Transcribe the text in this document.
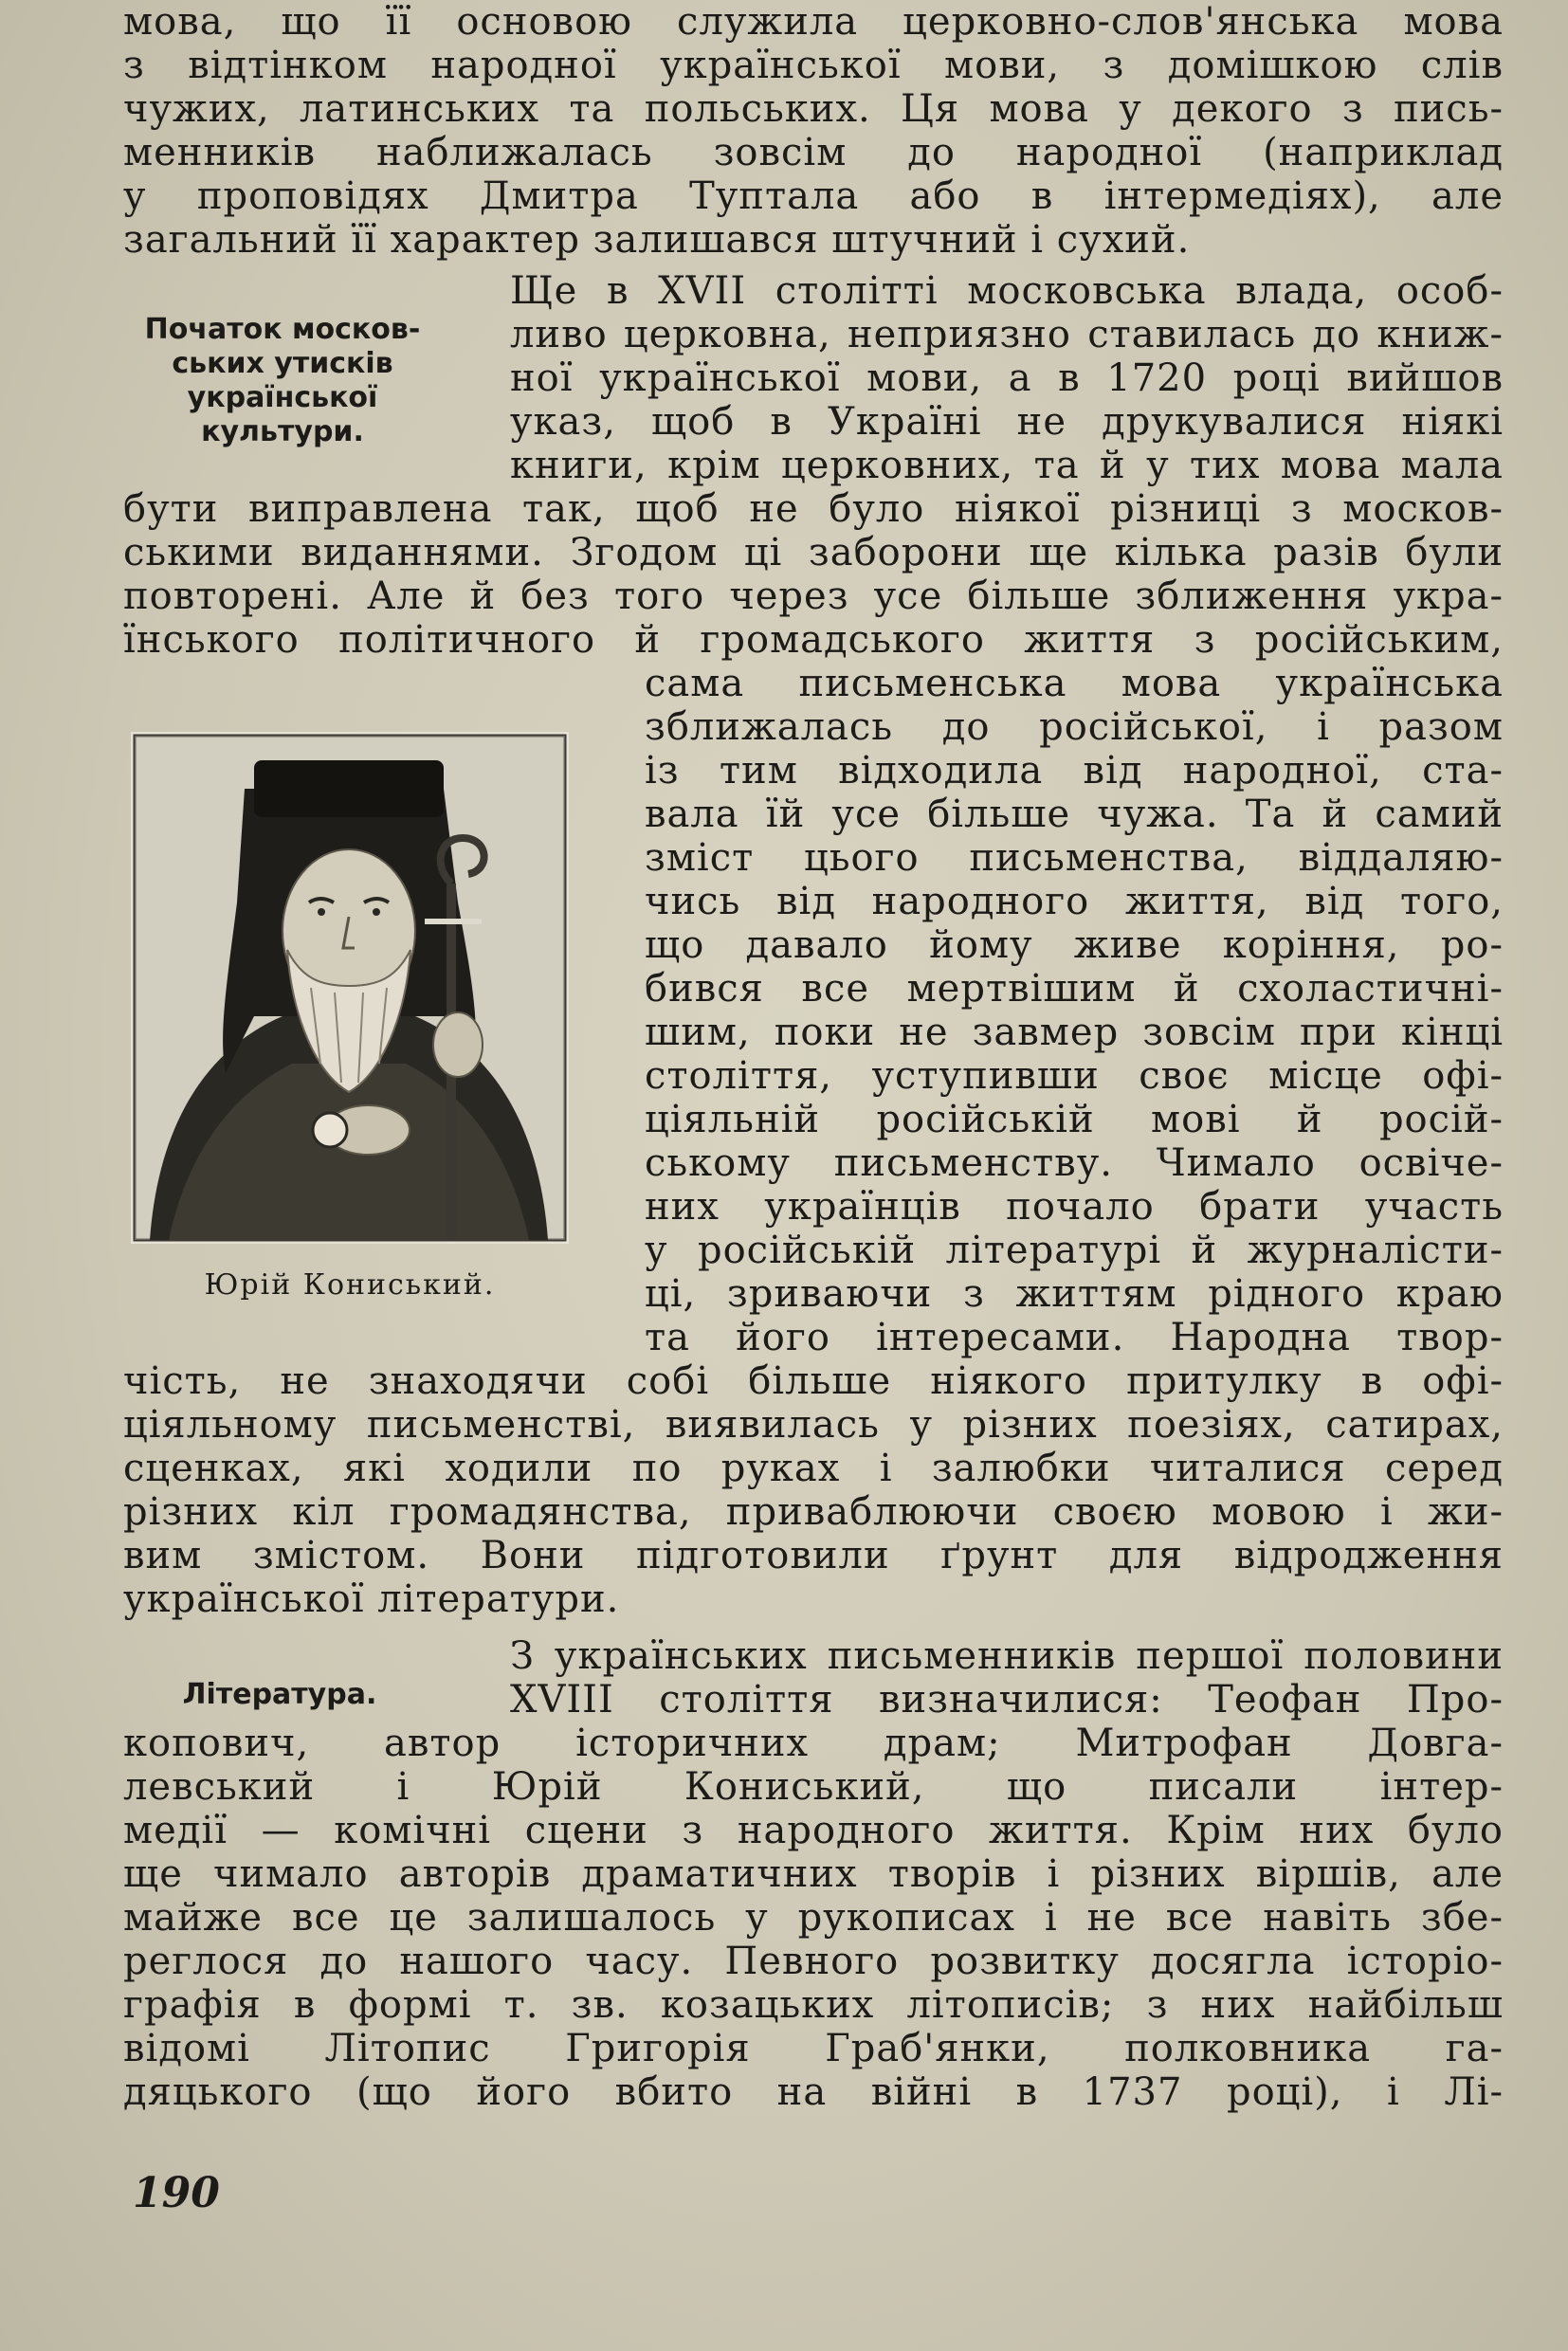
мова, що її основою служила церковно-слов'янська мова
з відтінком народної української мови, з домішкою слів
чужих, латинських та польських. Ця мова у декого з пись-
менників наближалась зовсім до народної (наприклад
у проповідях Дмитра Туптала або в інтермедіях), але
загальний її характер залишався штучний і сухий.
Початок москов-
ських утисків
української
культури.
Ще в XVII столітті московська влада, особ-
ливо церковна, неприязно ставилась до книж-
ної української мови, а в 1720 році вийшов
указ, щоб в Україні не друкувалися ніякі
книги, крім церковних, та й у тих мова мала
бути виправлена так, щоб не було ніякої різниці з москов-
ськими виданнями. Згодом ці заборони ще кілька разів були
повторені. Але й без того через усе більше зближення укра-
їнського політичного й громадського життя з російським,
сама письменська мова українська
зближалась до російської, і разом
із тим відходила від народної, ста-
вала їй усе більше чужа. Та й самий
зміст цього письменства, віддаляю-
чись від народного життя, від того,
що давало йому живе коріння, ро-
бився все мертвішим й схоластичні-
шим, поки не завмер зовсім при кінці
століття, уступивши своє місце офі-
ціяльній російській мові й росій-
ському письменству. Чимало освіче-
них українців почало брати участь
у російській літературі й журналісти-
ці, зриваючи з життям рідного краю
та його інтересами. Народна твор-
Юрій Кониський.
чість, не знаходячи собі більше ніякого притулку в офі-
ціяльному письменстві, виявилась у різних поезіях, сатирах,
сценках, які ходили по руках і залюбки читалися серед
різних кіл громадянства, приваблюючи своєю мовою і жи-
вим змістом. Вони підготовили ґрунт для відродження
української літератури.
Література.
З українських письменників першої половини
XVIII століття визначилися: Теофан Про-
копович, автор історичних драм; Митрофан Довга-
левський і Юрій Кониський, що писали інтер-
медії — комічні сцени з народного життя. Крім них було
ще чимало авторів драматичних творів і різних віршів, але
майже все це залишалось у рукописах і не все навіть збе-
реглося до нашого часу. Певного розвитку досягла історіо-
графія в формі т. зв. козацьких літописів; з них найбільш
відомі Літопис Григорія Граб'янки, полковника га-
дяцького (що його вбито на війні в 1737 році), і Лі-
190
